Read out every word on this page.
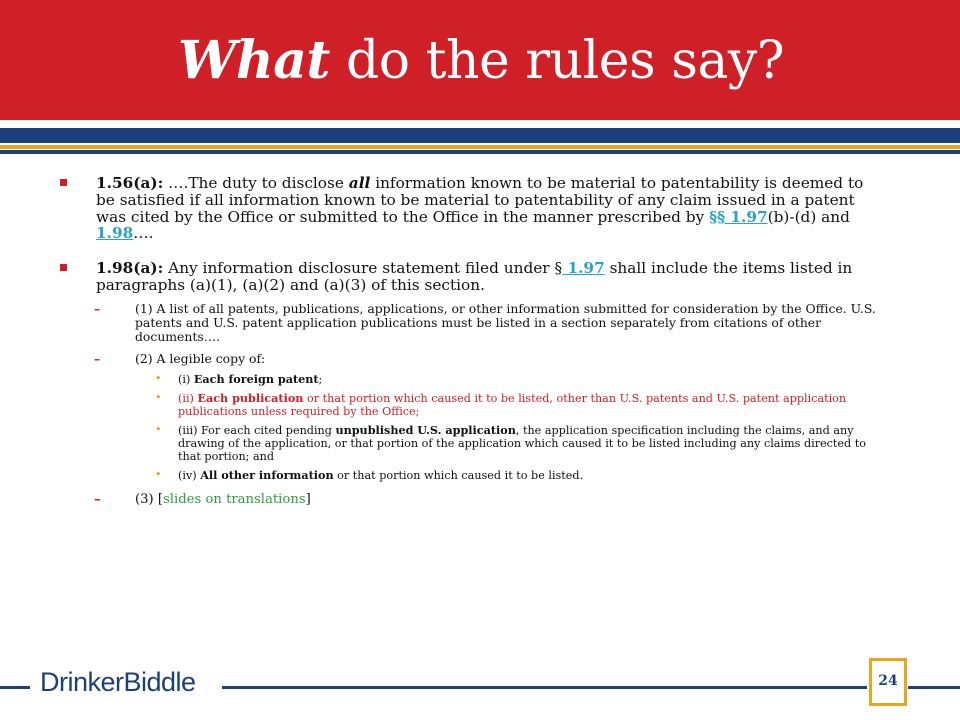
What do the rules say?
1.56(a): ….The duty to disclose all information known to be material to patentability is deemed to be satisfied if all information known to be material to patentability of any claim issued in a patent was cited by the Office or submitted to the Office in the manner prescribed by §§ 1.97(b)-(d) and 1.98….
1.98(a): Any information disclosure statement filed under § 1.97 shall include the items listed in paragraphs (a)(1), (a)(2) and (a)(3) of this section.
–	(1) A list of all patents, publications, applications, or other information submitted for consideration by the Office. U.S. patents and U.S. patent application publications must be listed in a section separately from citations of other documents….
–	(2) A legible copy of:
• (i) Each foreign patent;
• (ii) Each publication or that portion which caused it to be listed, other than U.S. patents and U.S. patent application publications unless required by the Office;
• (iii) For each cited pending unpublished U.S. application, the application specification including the claims, and any drawing of the application, or that portion of the application which caused it to be listed including any claims directed to that portion; and
• (iv) All other information or that portion which caused it to be listed.
–	(3) [slides on translations]
DrinkerBiddle	24
